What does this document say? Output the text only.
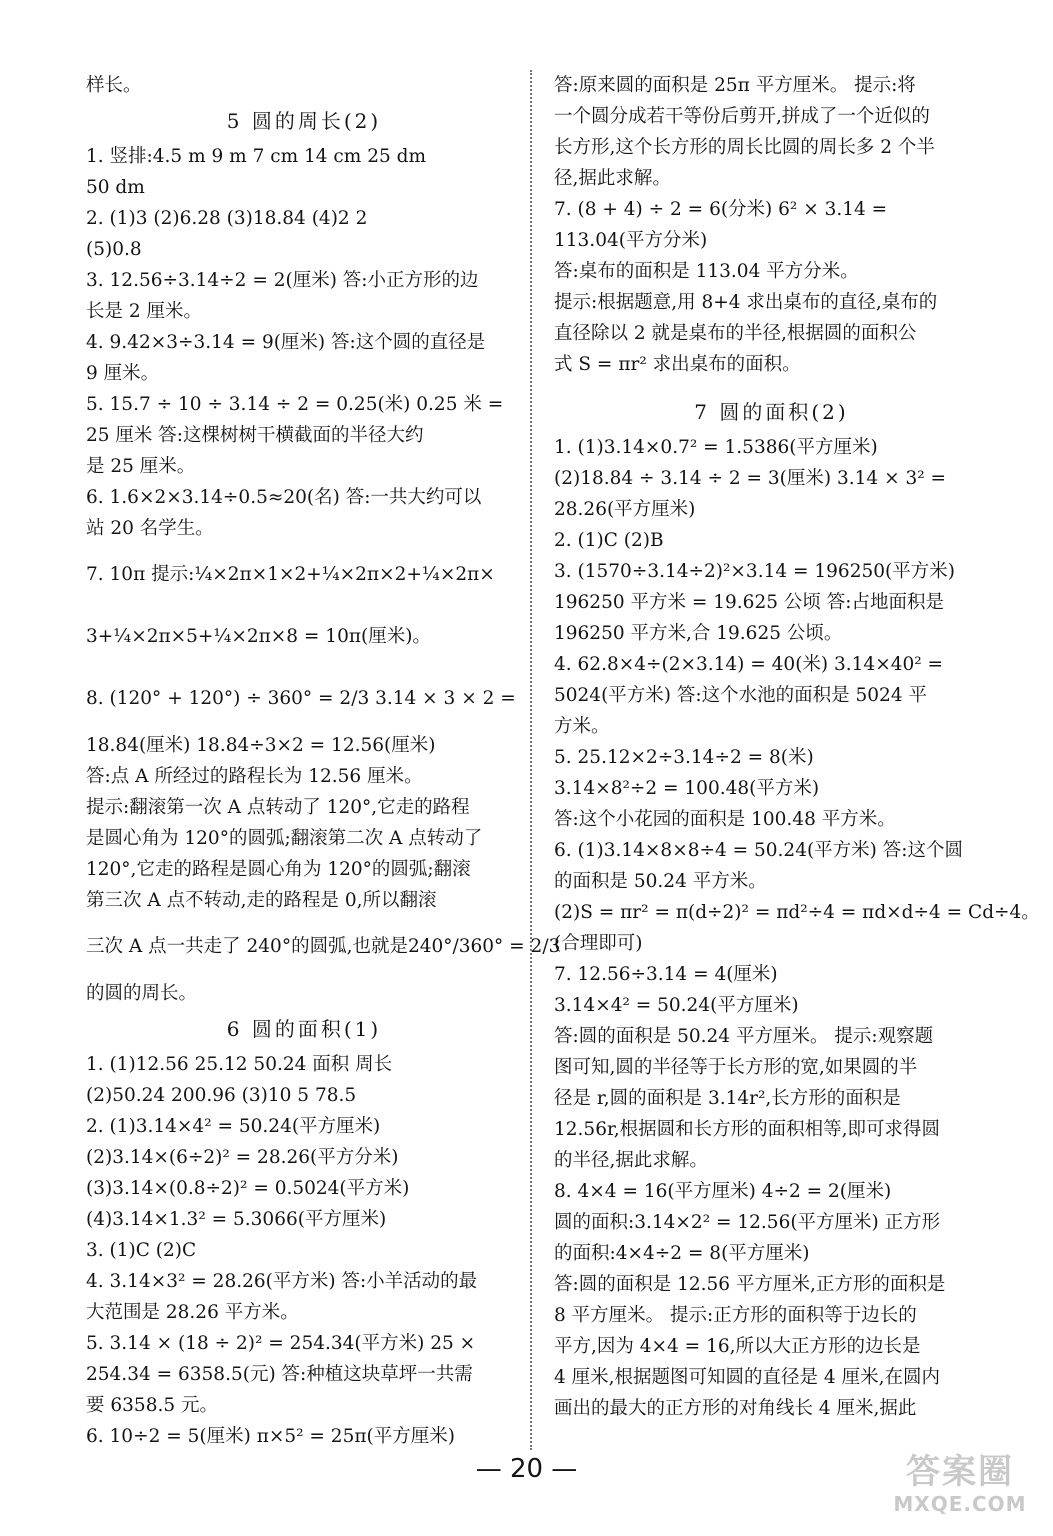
样长。
5 圆的周长(2)
1. 竖排:4.5 m 9 m 7 cm 14 cm 25 dm
50 dm
2. (1)3 (2)6.28 (3)18.84 (4)2 2
(5)0.8
3. 12.56÷3.14÷2 = 2(厘米) 答:小正方形的边
长是 2 厘米。
4. 9.42×3÷3.14 = 9(厘米) 答:这个圆的直径是
9 厘米。
5. 15.7 ÷ 10 ÷ 3.14 ÷ 2 = 0.25(米) 0.25 米 =
25 厘米 答:这棵树树干横截面的半径大约
是 25 厘米。
6. 1.6×2×3.14÷0.5≈20(名) 答:一共大约可以
站 20 名学生。
7. 10π 提示:¼×2π×1×2+¼×2π×2+¼×2π×
3+¼×2π×5+¼×2π×8 = 10π(厘米)。
8. (120° + 120°) ÷ 360° = 2/3 3.14 × 3 × 2 =
18.84(厘米) 18.84÷3×2 = 12.56(厘米)
答:点 A 所经过的路程长为 12.56 厘米。
提示:翻滚第一次 A 点转动了 120°,它走的路程
是圆心角为 120°的圆弧;翻滚第二次 A 点转动了
120°,它走的路程是圆心角为 120°的圆弧;翻滚
第三次 A 点不转动,走的路程是 0,所以翻滚
三次 A 点一共走了 240°的圆弧,也就是240°/360° = 2/3
的圆的周长。
6 圆的面积(1)
1. (1)12.56 25.12 50.24 面积 周长
(2)50.24 200.96 (3)10 5 78.5
2. (1)3.14×4² = 50.24(平方厘米)
(2)3.14×(6÷2)² = 28.26(平方分米)
(3)3.14×(0.8÷2)² = 0.5024(平方米)
(4)3.14×1.3² = 5.3066(平方厘米)
3. (1)C (2)C
4. 3.14×3² = 28.26(平方米) 答:小羊活动的最
大范围是 28.26 平方米。
5. 3.14 × (18 ÷ 2)² = 254.34(平方米) 25 ×
254.34 = 6358.5(元) 答:种植这块草坪一共需
要 6358.5 元。
6. 10÷2 = 5(厘米) π×5² = 25π(平方厘米)
答:原来圆的面积是 25π 平方厘米。 提示:将
一个圆分成若干等份后剪开,拼成了一个近似的
长方形,这个长方形的周长比圆的周长多 2 个半
径,据此求解。
7. (8 + 4) ÷ 2 = 6(分米) 6² × 3.14 =
113.04(平方分米)
答:桌布的面积是 113.04 平方分米。
提示:根据题意,用 8+4 求出桌布的直径,桌布的
直径除以 2 就是桌布的半径,根据圆的面积公
式 S = πr² 求出桌布的面积。
7 圆的面积(2)
1. (1)3.14×0.7² = 1.5386(平方厘米)
(2)18.84 ÷ 3.14 ÷ 2 = 3(厘米) 3.14 × 3² =
28.26(平方厘米)
2. (1)C (2)B
3. (1570÷3.14÷2)²×3.14 = 196250(平方米)
196250 平方米 = 19.625 公顷 答:占地面积是
196250 平方米,合 19.625 公顷。
4. 62.8×4÷(2×3.14) = 40(米) 3.14×40² =
5024(平方米) 答:这个水池的面积是 5024 平
方米。
5. 25.12×2÷3.14÷2 = 8(米)
3.14×8²÷2 = 100.48(平方米)
答:这个小花园的面积是 100.48 平方米。
6. (1)3.14×8×8÷4 = 50.24(平方米) 答:这个圆
的面积是 50.24 平方米。
(2)S = πr² = π(d÷2)² = πd²÷4 = πd×d÷4 = Cd÷4。
(合理即可)
7. 12.56÷3.14 = 4(厘米)
3.14×4² = 50.24(平方厘米)
答:圆的面积是 50.24 平方厘米。 提示:观察题
图可知,圆的半径等于长方形的宽,如果圆的半
径是 r,圆的面积是 3.14r²,长方形的面积是
12.56r,根据圆和长方形的面积相等,即可求得圆
的半径,据此求解。
8. 4×4 = 16(平方厘米) 4÷2 = 2(厘米)
圆的面积:3.14×2² = 12.56(平方厘米) 正方形
的面积:4×4÷2 = 8(平方厘米)
答:圆的面积是 12.56 平方厘米,正方形的面积是
8 平方厘米。 提示:正方形的面积等于边长的
平方,因为 4×4 = 16,所以大正方形的边长是
4 厘米,根据题图可知圆的直径是 4 厘米,在圆内
画出的最大的正方形的对角线长 4 厘米,据此
— 20 —	答案圈
MXQE.COM
